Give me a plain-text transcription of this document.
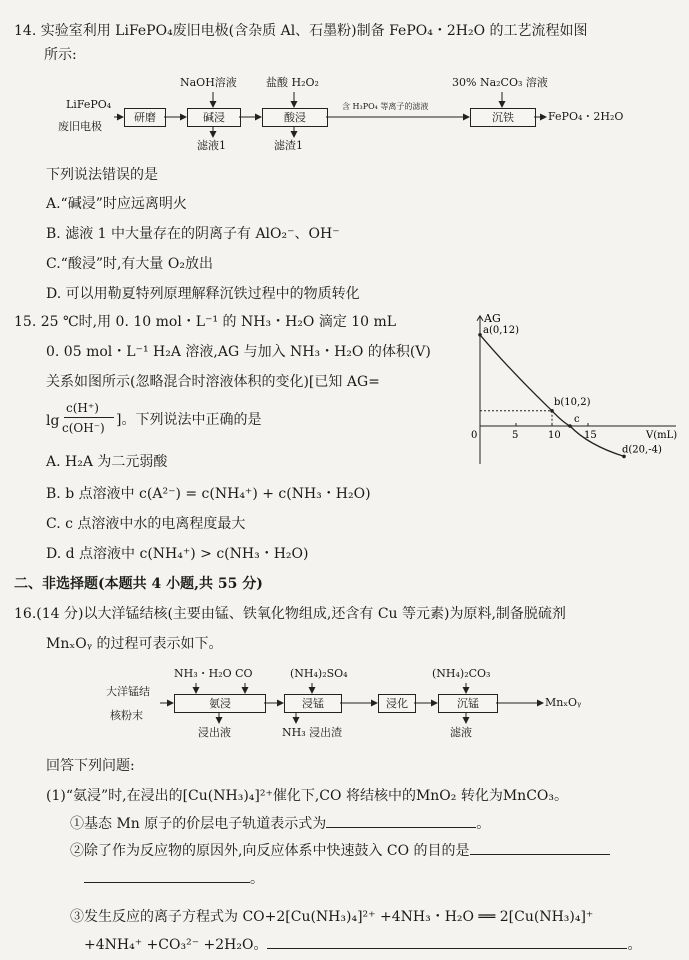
14. 实验室利用 LiFePO₄废旧电极(含杂质 Al、石墨粉)制备 FePO₄・2H₂O 的工艺流程如图
所示:
LiFePO₄
废旧电极
研磨	碱浸	酸浸	沉铁
NaOH溶液	盐酸 H₂O₂	30% Na₂CO₃ 溶液
含 H₃PO₄ 等离子的滤液
滤液1	滤渣1
FePO₄・2H₂O
下列说法错误的是
A.“碱浸”时应远离明火
B. 滤液 1 中大量存在的阴离子有 AlO₂⁻、OH⁻
C.“酸浸”时,有大量 O₂放出
D. 可以用勒夏特列原理解释沉铁过程中的物质转化
15. 25 ℃时,用 0. 10 mol・L⁻¹ 的 NH₃・H₂O 滴定 10 mL
0. 05 mol・L⁻¹ H₂A 溶液,AG 与加入 NH₃・H₂O 的体积(V)
关系如图所示(忽略混合时溶液体积的变化)[已知 AG=
lg
c(H⁺)
c(OH⁻) ]。下列说法中正确的是
A. H₂A 为二元弱酸
B. b 点溶液中 c(A²⁻) = c(NH₄⁺) + c(NH₃・H₂O)
C. c 点溶液中水的电离程度最大
D. d 点溶液中 c(NH₄⁺) > c(NH₃・H₂O)
AG
V(mL)
0	5	10 15
a(0,12)
b(10,2)
c
d(20,-4)
二、非选择题(本题共 4 小题,共 55 分)
16.(14 分)以大洋锰结核(主要由锰、铁氧化物组成,还含有 Cu 等元素)为原料,制备脱硫剂
MnₓOᵧ 的过程可表示如下。
大洋锰结
核粉末
氨浸	浸锰	浸化	沉锰
NH₃・H₂O CO	(NH₄)₂SO₄	(NH₄)₂CO₃
浸出液	NH₃ 浸出渣	滤液
MnₓOᵧ
回答下列问题:
(1)“氨浸”时,在浸出的[Cu(NH₃)₄]²⁺催化下,CO 将结核中的MnO₂ 转化为MnCO₃。
①基态 Mn 原子的价层电子轨道表示式为	。
②除了作为反应物的原因外,向反应体系中快速鼓入 CO 的目的是
。
③发生反应的离子方程式为 CO+2[Cu(NH₃)₄]²⁺ +4NH₃・H₂O ══ 2[Cu(NH₃)₄]⁺
+4NH₄⁺ +CO₃²⁻ +2H₂O。	。
